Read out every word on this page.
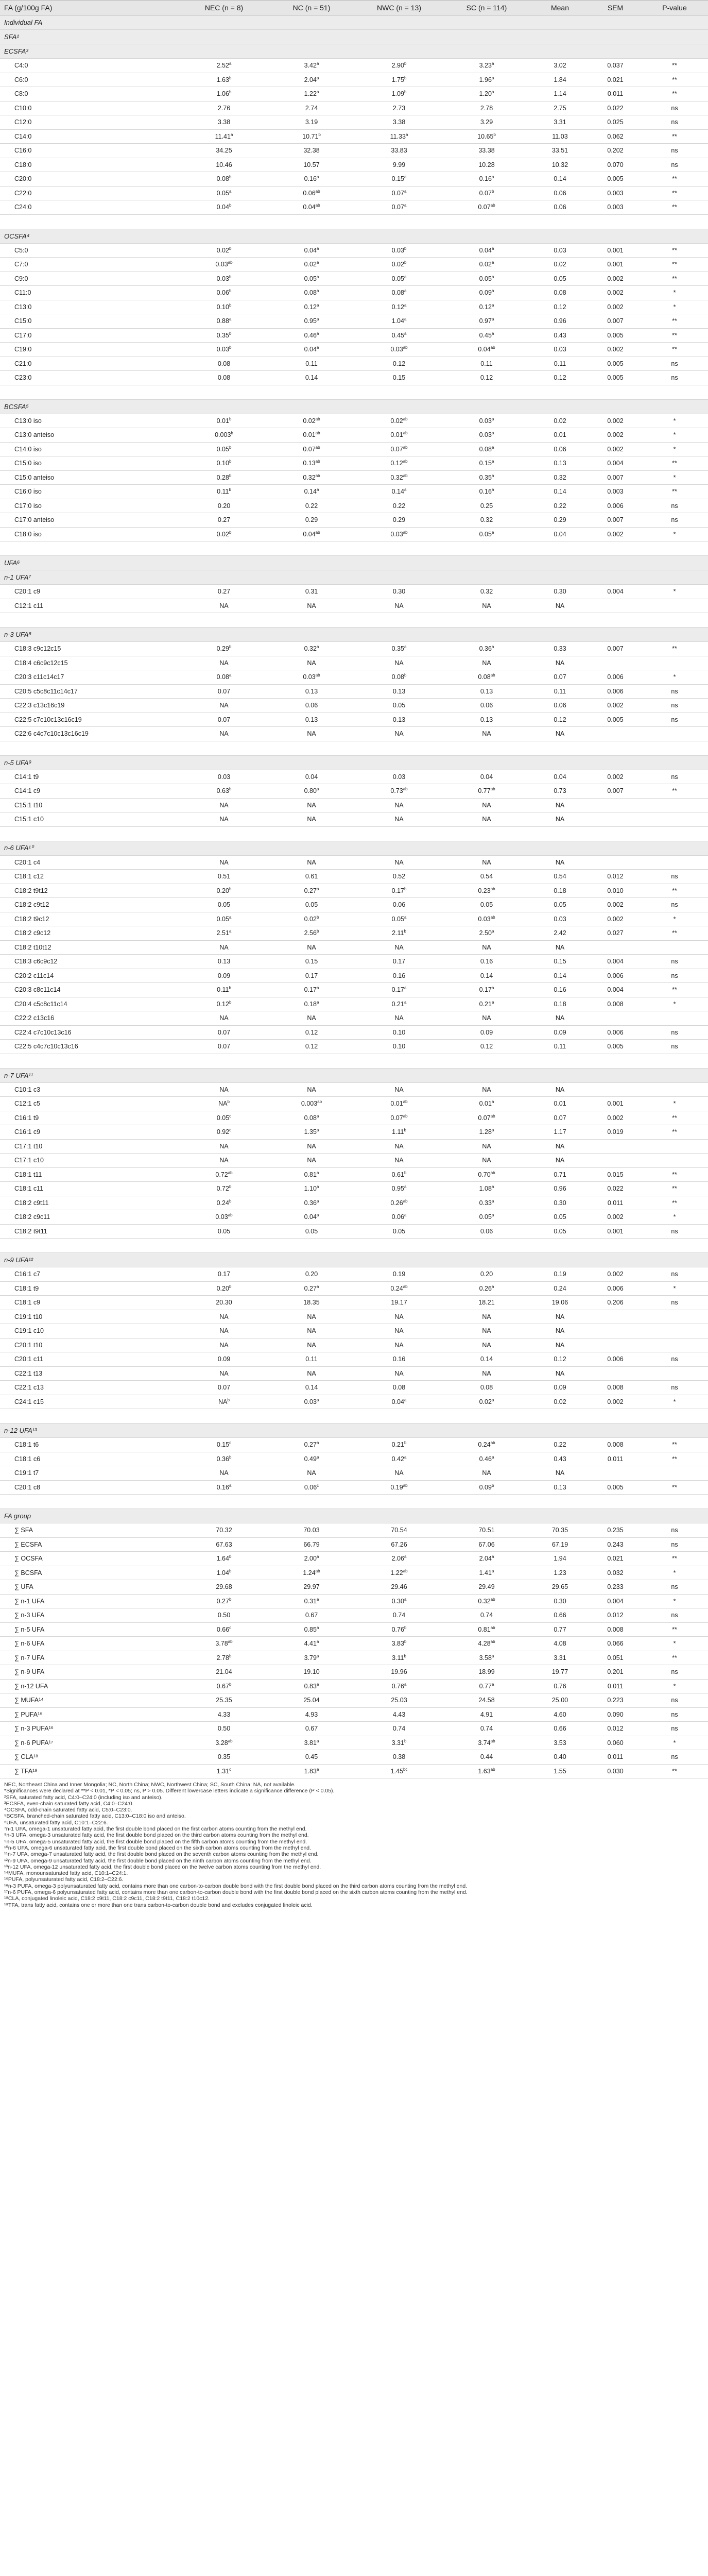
FA (g/100g FA)	NEC (n = 8)	NC (n = 51)	NWC (n = 13)	SC (n = 114)	Mean	SEM	P-value
Individual FA							
SFA²							
ECSFA³							
C4:0	2.52$^a$	3.42$^a$	2.90$^b$	3.23$^a$	3.02	0.037	**
C6:0	1.63$^b$	2.04$^a$	1.75$^b$	1.96$^a$	1.84	0.021	**
C8:0	1.06$^b$	1.22$^a$	1.09$^b$	1.20$^a$	1.14	0.011	**
C10:0	2.76	2.74	2.73	2.78	2.75	0.022	ns
C12:0	3.38	3.19	3.38	3.29	3.31	0.025	ns
C14:0	11.41$^a$	10.71$^b$	11.33$^a$	10.65$^b$	11.03	0.062	**
C16:0	34.25	32.38	33.83	33.38	33.51	0.202	ns
C18:0	10.46	10.57	9.99	10.28	10.32	0.070	ns
C20:0	0.08$^b$	0.16$^a$	0.15$^a$	0.16$^a$	0.14	0.005	**
C22:0	0.05$^a$	0.06$^{ab}$	0.07$^a$	0.07$^b$	0.06	0.003	**
C24:0	0.04$^b$	0.04$^{ab}$	0.07$^a$	0.07$^{ab}$	0.06	0.003	**

OCSFA⁴							
C5:0	0.02$^b$	0.04$^a$	0.03$^b$	0.04$^a$	0.03	0.001	**
C7:0	0.03$^{ab}$	0.02$^a$	0.02$^b$	0.02$^a$	0.02	0.001	**
C9:0	0.03$^b$	0.05$^a$	0.05$^a$	0.05$^a$	0.05	0.002	**
C11:0	0.06$^b$	0.08$^a$	0.08$^a$	0.09$^a$	0.08	0.002	*
C13:0	0.10$^b$	0.12$^a$	0.12$^a$	0.12$^a$	0.12	0.002	*
C15:0	0.88$^a$	0.95$^a$	1.04$^a$	0.97$^a$	0.96	0.007	**
C17:0	0.35$^b$	0.46$^a$	0.45$^a$	0.45$^a$	0.43	0.005	**
C19:0	0.03$^b$	0.04$^a$	0.03$^{ab}$	0.04$^{ab}$	0.03	0.002	**
C21:0	0.08	0.11	0.12	0.11	0.11	0.005	ns
C23:0	0.08	0.14	0.15	0.12	0.12	0.005	ns

BCSFA⁵							
C13:0 iso	0.01$^b$	0.02$^{ab}$	0.02$^{ab}$	0.03$^a$	0.02	0.002	*
C13:0 anteiso	0.003$^b$	0.01$^{ab}$	0.01$^{ab}$	0.03$^a$	0.01	0.002	*
C14:0 iso	0.05$^b$	0.07$^{ab}$	0.07$^{ab}$	0.08$^a$	0.06	0.002	*
C15:0 iso	0.10$^b$	0.13$^{ab}$	0.12$^{ab}$	0.15$^a$	0.13	0.004	**
C15:0 anteiso	0.28$^b$	0.32$^{ab}$	0.32$^{ab}$	0.35$^a$	0.32	0.007	*
C16:0 iso	0.11$^b$	0.14$^a$	0.14$^a$	0.16$^a$	0.14	0.003	**
C17:0 iso	0.20	0.22	0.22	0.25	0.22	0.006	ns
C17:0 anteiso	0.27	0.29	0.29	0.32	0.29	0.007	ns
C18:0 iso	0.02$^b$	0.04$^{ab}$	0.03$^{ab}$	0.05$^a$	0.04	0.002	*

UFA⁶							
n-1 UFA⁷							
C20:1 c9	0.27	0.31	0.30	0.32	0.30	0.004	*
C12:1 c11	NA	NA	NA	NA	NA		

n-3 UFA⁸							
C18:3 c9c12c15	0.29$^b$	0.32$^a$	0.35$^a$	0.36$^a$	0.33	0.007	**
C18:4 c6c9c12c15	NA	NA	NA	NA	NA		
C20:3 c11c14c17	0.08$^a$	0.03$^{ab}$	0.08$^b$	0.08$^{ab}$	0.07	0.006	*
C20:5 c5c8c11c14c17	0.07	0.13	0.13	0.13	0.11	0.006	ns
C22:3 c13c16c19	NA	0.06	0.05	0.06	0.06	0.002	ns
C22:5 c7c10c13c16c19	0.07	0.13	0.13	0.13	0.12	0.005	ns
C22:6 c4c7c10c13c16c19	NA	NA	NA	NA	NA		

n-5 UFA⁹							
C14:1 t9	0.03	0.04	0.03	0.04	0.04	0.002	ns
C14:1 c9	0.63$^b$	0.80$^a$	0.73$^{ab}$	0.77$^{ab}$	0.73	0.007	**
C15:1 t10	NA	NA	NA	NA	NA		
C15:1 c10	NA	NA	NA	NA	NA		

n-6 UFA¹⁰							
C20:1 c4	NA	NA	NA	NA	NA		
C18:1 c12	0.51	0.61	0.52	0.54	0.54	0.012	ns
C18:2 t9t12	0.20$^b$	0.27$^a$	0.17$^b$	0.23$^{ab}$	0.18	0.010	**
C18:2 c9t12	0.05	0.05	0.06	0.05	0.05	0.002	ns
C18:2 t9c12	0.05$^a$	0.02$^b$	0.05$^a$	0.03$^{ab}$	0.03	0.002	*
C18:2 c9c12	2.51$^a$	2.56$^b$	2.11$^b$	2.50$^a$	2.42	0.027	**
C18:2 t10t12	NA	NA	NA	NA	NA		
C18:3 c6c9c12	0.13	0.15	0.17	0.16	0.15	0.004	ns
C20:2 c11c14	0.09	0.17	0.16	0.14	0.14	0.006	ns
C20:3 c8c11c14	0.11$^b$	0.17$^a$	0.17$^a$	0.17$^a$	0.16	0.004	**
C20:4 c5c8c11c14	0.12$^b$	0.18$^a$	0.21$^a$	0.21$^a$	0.18	0.008	*
C22:2 c13c16	NA	NA	NA	NA	NA		
C22:4 c7c10c13c16	0.07	0.12	0.10	0.09	0.09	0.006	ns
C22:5 c4c7c10c13c16	0.07	0.12	0.10	0.12	0.11	0.005	ns

n-7 UFA¹¹							
C10:1 c3	NA	NA	NA	NA	NA		
C12:1 c5	$NA^b$	0.003$^{ab}$	0.01$^{ab}$	0.01$^a$	0.01	0.001	*
C16:1 t9	0.05$^c$	0.08$^a$	0.07$^{ab}$	0.07$^{ab}$	0.07	0.002	**
C16:1 c9	0.92$^c$	1.35$^a$	1.11$^b$	1.28$^a$	1.17	0.019	**
C17:1 t10	NA	NA	NA	NA	NA		
C17:1 c10	NA	NA	NA	NA	NA		
C18:1 t11	0.72$^{ab}$	0.81$^a$	0.61$^b$	0.70$^{ab}$	0.71	0.015	**
C18:1 c11	0.72$^b$	1.10$^a$	0.95$^a$	1.08$^a$	0.96	0.022	**
C18:2 c9t11	0.24$^b$	0.36$^a$	0.26$^{ab}$	0.33$^a$	0.30	0.011	**
C18:2 c9c11	0.03$^{ab}$	0.04$^a$	0.06$^a$	0.05$^a$	0.05	0.002	*
C18:2 t9t11	0.05	0.05	0.05	0.06	0.05	0.001	ns

n-9 UFA¹²							
C16:1 c7	0.17	0.20	0.19	0.20	0.19	0.002	ns
C18:1 t9	0.20$^b$	0.27$^a$	0.24$^{ab}$	0.26$^a$	0.24	0.006	*
C18:1 c9	20.30	18.35	19.17	18.21	19.06	0.206	ns
C19:1 t10	NA	NA	NA	NA	NA		
C19:1 c10	NA	NA	NA	NA	NA		
C20:1 t10	NA	NA	NA	NA	NA		
C20:1 c11	0.09	0.11	0.16	0.14	0.12	0.006	ns
C22:1 t13	NA	NA	NA	NA	NA		
C22:1 c13	0.07	0.14	0.08	0.08	0.09	0.008	ns
C24:1 c15	$NA^b$	0.03$^a$	0.04$^a$	0.02$^a$	0.02	0.002	*

n-12 UFA¹³							
C18:1 t6	0.15$^c$	0.27$^a$	0.21$^b$	0.24$^{ab}$	0.22	0.008	**
C18:1 c6	0.36$^b$	0.49$^a$	0.42$^a$	0.46$^a$	0.43	0.011	**
C19:1 t7	NA	NA	NA	NA	NA		
C20:1 c8	0.16$^a$	0.06$^c$	0.19$^{ab}$	0.09$^b$	0.13	0.005	**

FA group							
∑ SFA	70.32	70.03	70.54	70.51	70.35	0.235	ns
∑ ECSFA	67.63	66.79	67.26	67.06	67.19	0.243	ns
∑ OCSFA	1.64$^b$	2.00$^a$	2.06$^a$	2.04$^a$	1.94	0.021	**
∑ BCSFA	1.04$^b$	1.24$^{ab}$	1.22$^{ab}$	1.41$^a$	1.23	0.032	*
∑ UFA	29.68	29.97	29.46	29.49	29.65	0.233	ns
∑ n-1 UFA	0.27$^b$	0.31$^a$	0.30$^a$	0.32$^{ab}$	0.30	0.004	*
∑ n-3 UFA	0.50	0.67	0.74	0.74	0.66	0.012	ns
∑ n-5 UFA	0.66$^c$	0.85$^a$	0.76$^b$	0.81$^{ab}$	0.77	0.008	**
∑ n-6 UFA	3.78$^{ab}$	4.41$^a$	3.83$^b$	4.28$^{ab}$	4.08	0.066	*
∑ n-7 UFA	2.78$^b$	3.79$^a$	3.11$^b$	3.58$^a$	3.31	0.051	**
∑ n-9 UFA	21.04	19.10	19.96	18.99	19.77	0.201	ns
∑ n-12 UFA	0.67$^b$	0.83$^a$	0.76$^a$	0.77$^a$	0.76	0.011	*
∑ MUFA¹⁴	25.35	25.04	25.03	24.58	25.00	0.223	ns
∑ PUFA¹⁵	4.33	4.93	4.43	4.91	4.60	0.090	ns
∑ n-3 PUFA¹⁶	0.50	0.67	0.74	0.74	0.66	0.012	ns
∑ n-6 PUFA¹⁷	3.28$^{ab}$	3.81$^a$	3.31$^b$	3.74$^{ab}$	3.53	0.060	*
∑ CLA¹⁸	0.35	0.45	0.38	0.44	0.40	0.011	ns
∑ TFA¹⁹	1.31$^c$	1.83$^a$	1.45$^{bc}$	1.63$^{ab}$	1.55	0.030	**
NEC, Northeast China and Inner Mongolia; NC, North China; NWC, Northwest China; SC, South China; NA, not available.
*Significances were declared at **P < 0.01, *P < 0.05; ns, P > 0.05. Different lowercase letters indicate a significance difference (P < 0.05).
²SFA, saturated fatty acid, C4:0–C24:0 (including iso and anteiso).
³ECSFA, even-chain saturated fatty acid, C4:0–C24:0.
⁴OCSFA, odd-chain saturated fatty acid, C5:0–C23:0.
⁵BCSFA, branched-chain saturated fatty acid, C13:0–C18:0 iso and anteiso.
⁶UFA, unsaturated fatty acid, C10:1–C22:6.
⁷n-1 UFA, omega-1 unsaturated fatty acid, the first double bond placed on the first carbon atoms counting from the methyl end.
⁸n-3 UFA, omega-3 unsaturated fatty acid, the first double bond placed on the third carbon atoms counting from the methyl end.
⁹n-5 UFA, omega-5 unsaturated fatty acid, the first double bond placed on the fifth carbon atoms counting from the methyl end.
¹⁰n-6 UFA, omega-6 unsaturated fatty acid, the first double bond placed on the sixth carbon atoms counting from the methyl end.
¹¹n-7 UFA, omega-7 unsaturated fatty acid, the first double bond placed on the seventh carbon atoms counting from the methyl end.
¹²n-9 UFA, omega-9 unsaturated fatty acid, the first double bond placed on the ninth carbon atoms counting from the methyl end.
¹³n-12 UFA, omega-12 unsaturated fatty acid, the first double bond placed on the twelve carbon atoms counting from the methyl end.
¹⁴MUFA, monounsaturated fatty acid, C10:1–C24:1.
¹⁵PUFA, polyunsaturated fatty acid, C18:2–C22:6.
¹⁶n-3 PUFA, omega-3 polyunsaturated fatty acid, contains more than one carbon-to-carbon double bond with the first double bond placed on the third carbon atoms counting from the methyl end.
¹⁷n-6 PUFA, omega-6 polyunsaturated fatty acid, contains more than one carbon-to-carbon double bond with the first double bond placed on the sixth carbon atoms counting from the methyl end.
¹⁸CLA, conjugated linoleic acid, C18:2 c9t11, C18:2 c9c11, C18:2 t9t11, C18:2 t10c12.
¹⁹TFA, trans fatty acid, contains one or more than one trans carbon-to-carbon double bond and excludes conjugated linoleic acid.
